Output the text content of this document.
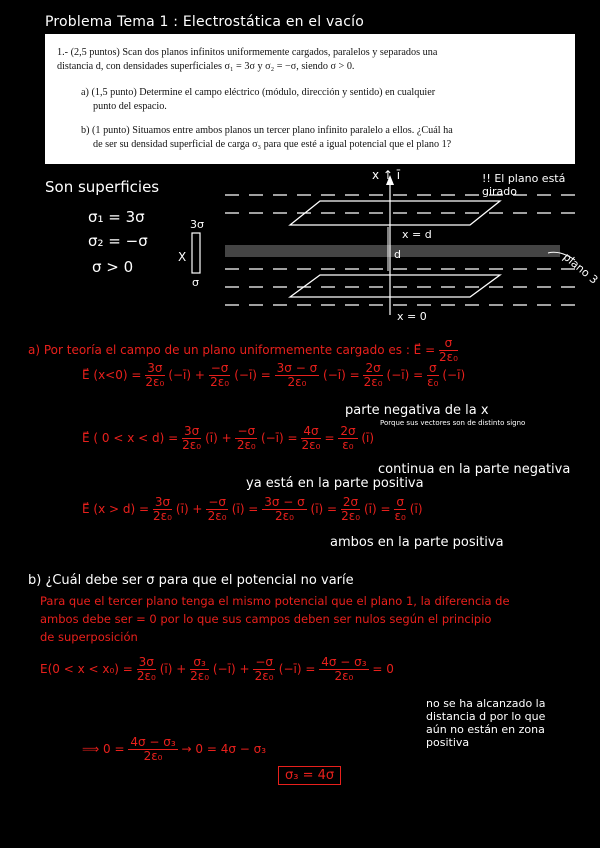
Problema Tema 1 : Electrostática en el vacío

1.- (2,5 puntos) Scan dos planos infinitos uniformemente cargados, paralelos y separados una

distancia d, con densidades superficiales σ₁ = 3σ y σ₂ = −σ, siendo σ > 0.

a) (1,5 punto) Determine el campo eléctrico (módulo, dirección y sentido) en cualquier

punto del espacio.

b) (1 punto) Situamos entre ambos planos un tercer plano infinito paralelo a ellos. ¿Cuál ha

de ser su densidad superficial de carga σ₃ para que esté a igual potencial que el plano 1?

Son superficies
σ₁ = 3σ
σ₂ = −σ
σ > 0
x ↑ ī	!! El plano está girado
x = d
x = 0
d	plano 3
3σ
X
σ
a) Por teoría el campo de un plano uniformemente cargado es : E⃗ = $\frac{\sigma}{\text{2ε₀}}$
E⃗ $(x<0) = \frac{3\sigma}{\text{2ε₀}}$ (−ī) + $\frac{-\sigma}{\text{2ε₀}}$ (−ī) = $\frac{3\sigma - \sigma}{\text{2ε₀}}$ (−ī) = $\frac{2\sigma}{\text{2ε₀}}$ (−ī) = $\frac{\sigma}{\text{ε₀}}$ (−ī)
parte negativa de la x
Porque sus vectores son de distinto signo
E⃗ ( $0 < x < d) = \frac{3\sigma}{\text{2ε₀}}$ (ī) + $\frac{-\sigma}{\text{2ε₀}}$ (−ī) = $\frac{4\sigma}{\text{2ε₀}} = \frac{2\sigma}{\text{ε₀}}$ (ī)
continua en la parte negativa
ya está en la parte positiva
E⃗ $(x > d) = \frac{3\sigma}{\text{2ε₀}}$ (ī) + $\frac{-\sigma}{\text{2ε₀}}$ (ī) = $\frac{3\sigma - \sigma}{\text{2ε₀}}$ (ī) = $\frac{2\sigma}{\text{2ε₀}}$ (ī) = $\frac{\sigma}{\text{ε₀}}$ (ī)
ambos en la parte positiva
b) ¿Cuál debe ser σ para que el potencial no varíe
Para que el tercer plano tenga el mismo potencial que el plano 1, la diferencia de
ambos debe ser = 0 por lo que sus campos deben ser nulos según el principio
de superposición
$E(0 < x < x_0) = \frac{3\sigma}{\text{2ε₀}}$ (ī) + $\frac{\text{σ₃}}{\text{2ε₀}}$ (−ī) + $\frac{-\sigma}{\text{2ε₀}}$ (−ī) = $\frac{\text{4σ − σ₃}}{\text{2ε₀}} = 0$
no se ha alcanzado la
distancia d por lo que
aún no están en zona
positiva
⟹ $0 = \frac{\text{4σ − σ₃}}{\text{2ε₀}} \to 0 = 4\sigma - \sigma_3$
σ₃ = 4σ
